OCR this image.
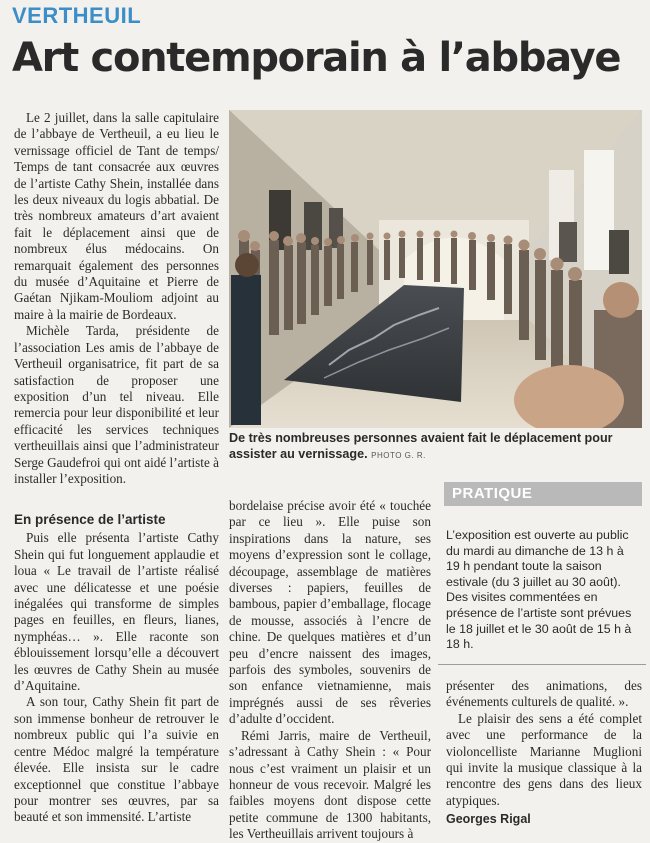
VERTHEUIL
Art contemporain à l’abbaye

Le 2 juillet, dans la salle capitulaire de l’abbaye de Vertheuil, a eu lieu le vernissage officiel de Tant de temps/ Temps de tant consacrée aux œuvres de l’artiste Cathy Shein, installée dans les deux niveaux du logis abbatial. De très nombreux amateurs d’art avaient fait le déplacement ainsi que de nombreux élus médocains. On remarquait également des personnes du musée d’Aquitaine et Pierre de Gaétan Njikam-Mouliom adjoint au maire à la mairie de Bordeaux.

Michèle Tarda, présidente de l’association Les amis de l’abbaye de Vertheuil organisatrice, fit part de sa satisfaction de proposer une exposition d’un tel niveau. Elle remercia pour leur disponibilité et leur efficacité les services techniques vertheuillais ainsi que l’administrateur Serge Gaudefroi qui ont aidé l’artiste à installer l’exposition.

En présence de l’artiste

Puis elle présenta l’artiste Cathy Shein qui fut longuement applaudie et loua « Le travail de l’artiste réalisé avec une délicatesse et une poésie inégalées qui transforme de simples pages en feuilles, en fleurs, lianes, nymphéas… ». Elle raconte son éblouissement lorsqu’elle a découvert les œuvres de Cathy Shein au musée d’Aquitaine.

A son tour, Cathy Shein fit part de son immense bonheur de retrouver le nombreux public qui l’a suivie en centre Médoc malgré la température élevée. Elle insista sur le cadre exceptionnel que constitue l’abbaye pour montrer ses œuvres, par sa beauté et son immensité. L’artiste

De très nombreuses personnes avaient fait le déplacement pour assister au vernissage. PHOTO G. R.

bordelaise précise avoir été « touchée par ce lieu ». Elle puise son inspirations dans la nature, ses moyens d’expression sont le collage, découpage, assemblage de matières diverses : papiers, feuilles de bambous, papier d’emballage, flocage de mousse, associés à l’encre de chine. De quelques matières et d’un peu d’encre naissent des images, parfois des symboles, souvenirs de son enfance vietnamienne, mais imprégnés aussi de ses rêveries d’adulte d’occident.

Rémi Jarris, maire de Vertheuil, s’adressant à Cathy Shein : « Pour nous c’est vraiment un plaisir et un honneur de vous recevoir. Malgré les faibles moyens dont dispose cette petite commune de 1300 habitants, les Vertheuillais arrivent toujours à

PRATIQUE
L’exposition est ouverte au public du mardi au dimanche de 13 h à 19 h pendant toute la saison estivale (du 3 juillet au 30 août). Des visites commentées en présence de l’artiste sont prévues le 18 juillet et le 30 août de 15 h à 18 h.

présenter des animations, des événements culturels de qualité. ».

Le plaisir des sens a été complet avec une performance de la violoncelliste Marianne Muglioni qui invite la musique classique à la rencontre des gens dans des lieux atypiques.

Georges Rigal
